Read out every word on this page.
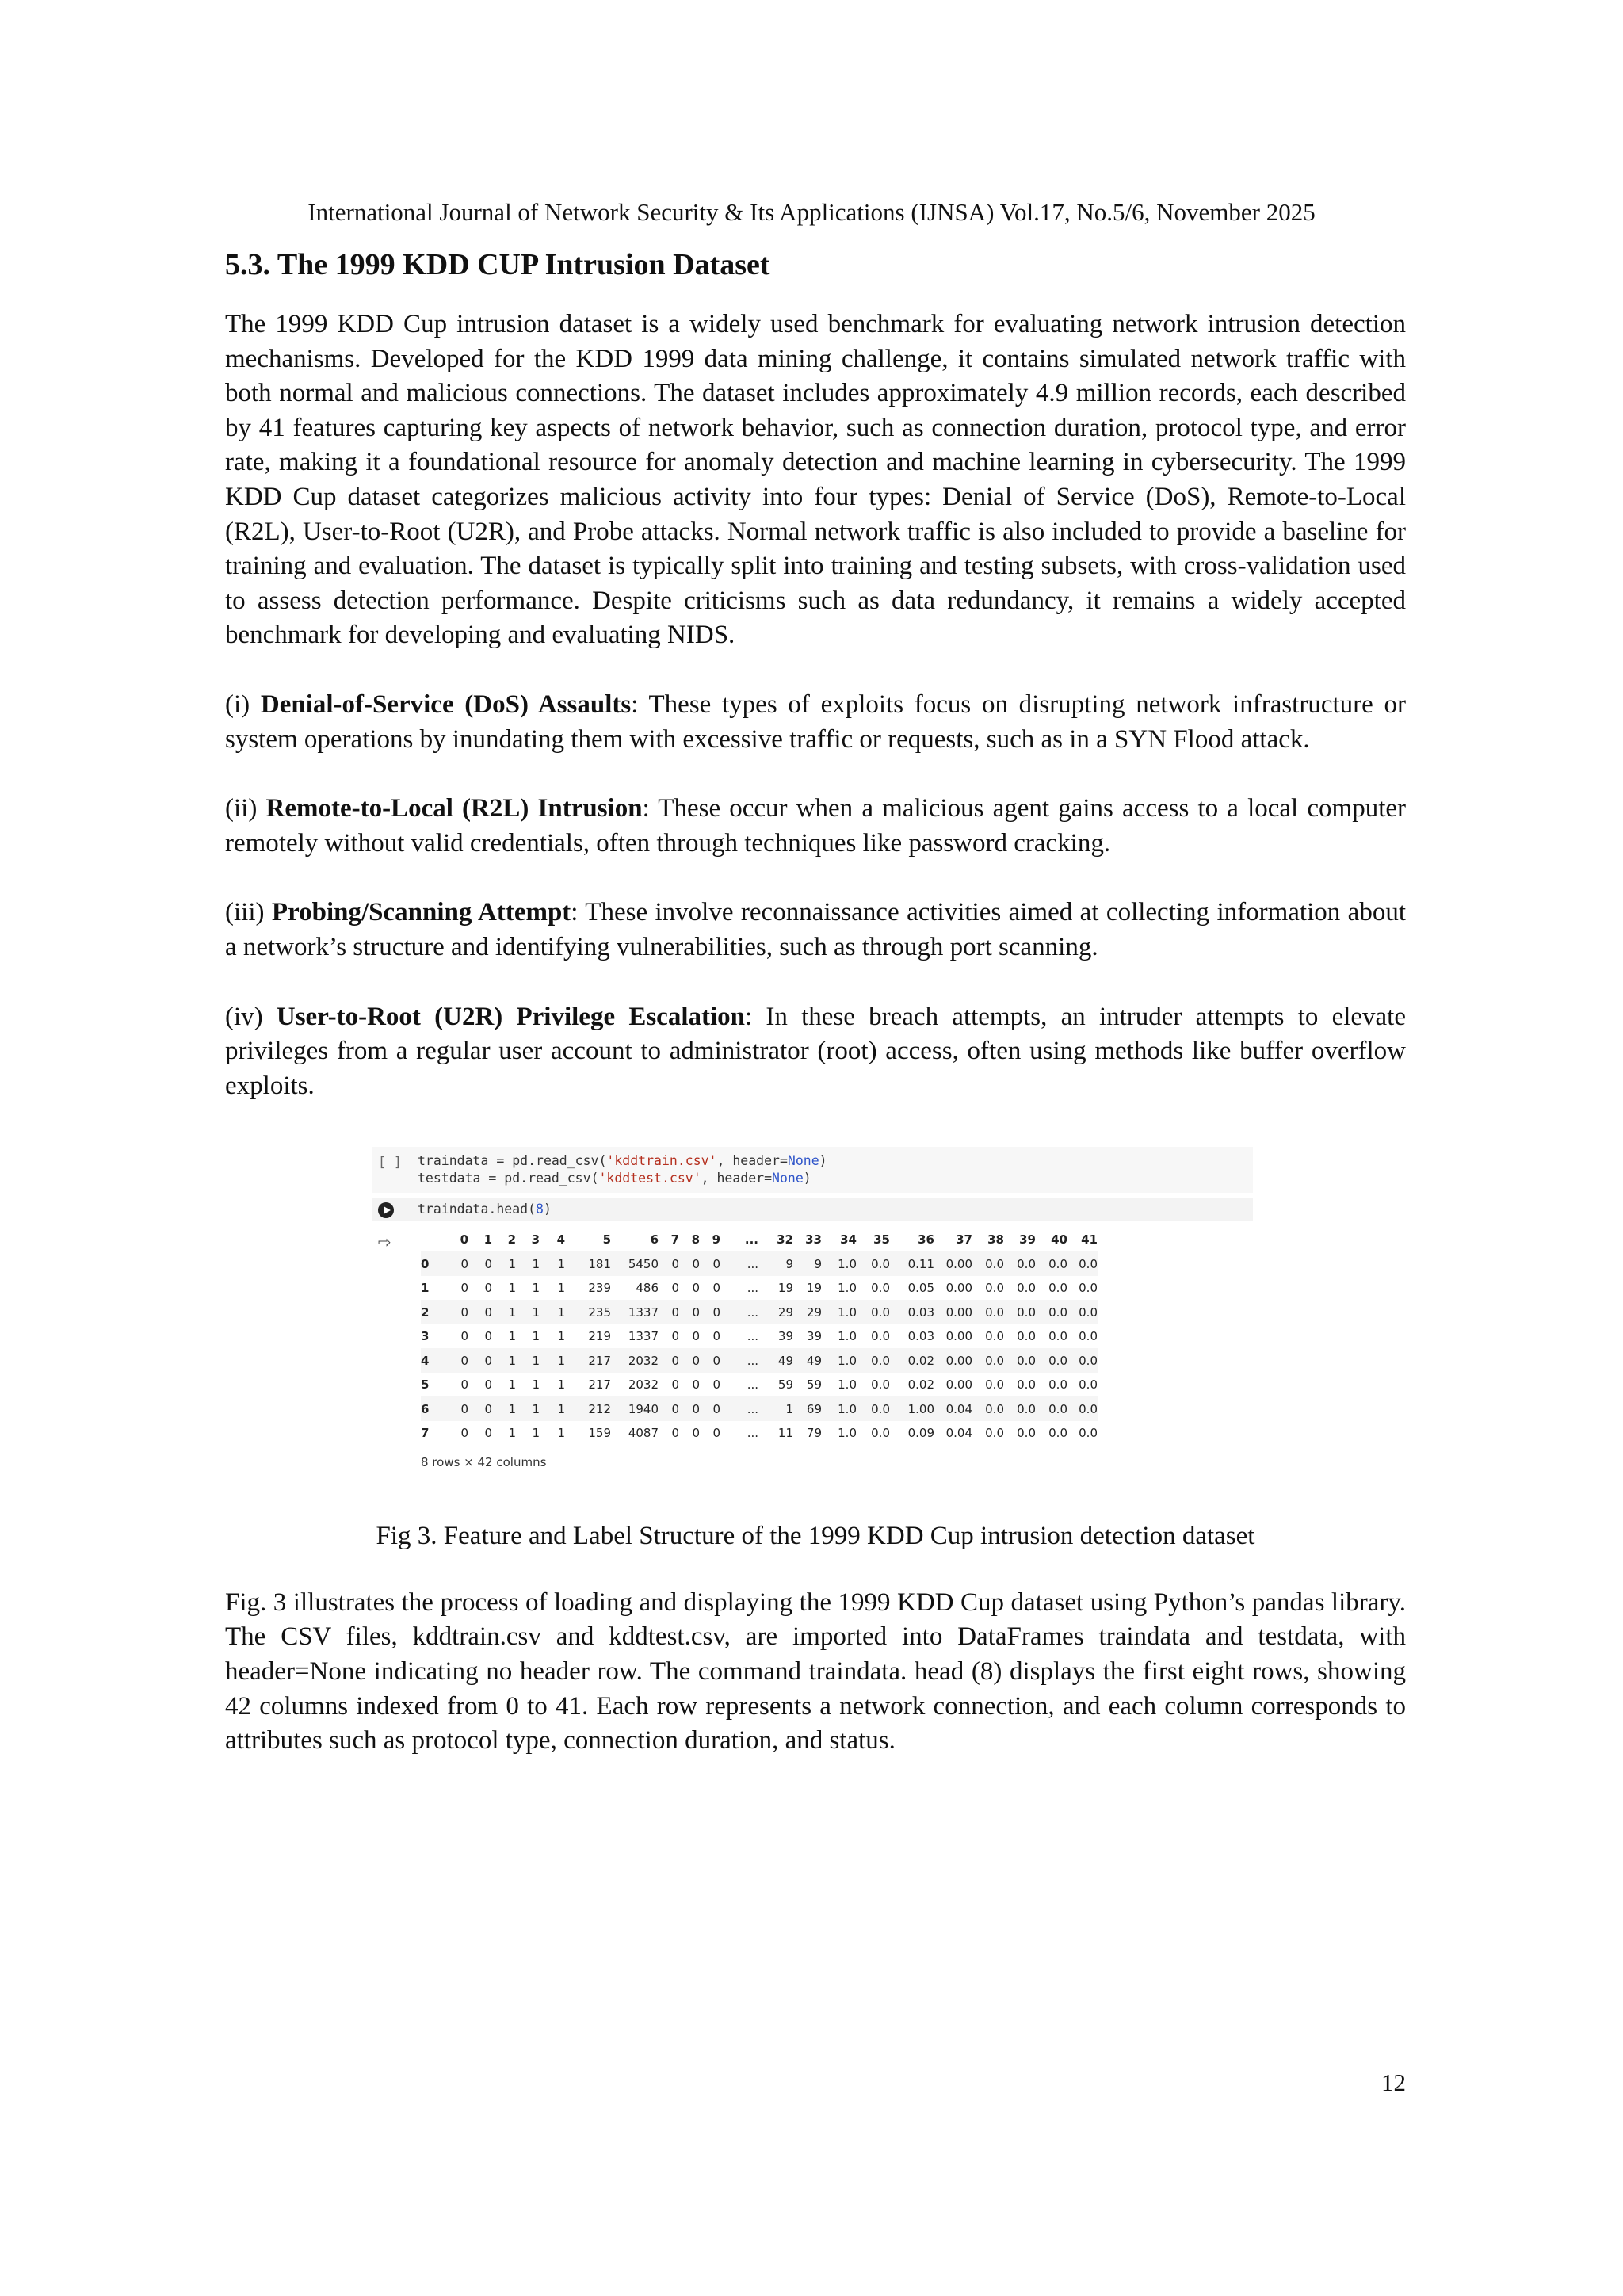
International Journal of Network Security & Its Applications (IJNSA) Vol.17, No.5/6, November 2025
5.3. The 1999 KDD CUP Intrusion Dataset

The 1999 KDD Cup intrusion dataset is a widely used benchmark for evaluating network intrusion detection mechanisms. Developed for the KDD 1999 data mining challenge, it contains simulated network traffic with both normal and malicious connections. The dataset includes approximately 4.9 million records, each described by 41 features capturing key aspects of network behavior, such as connection duration, protocol type, and error rate, making it a foundational resource for anomaly detection and machine learning in cybersecurity. The 1999 KDD Cup dataset categorizes malicious activity into four types: Denial of Service (DoS), Remote-to-Local (R2L), User-to-Root (U2R), and Probe attacks. Normal network traffic is also included to provide a baseline for training and evaluation. The dataset is typically split into training and testing subsets, with cross-validation used to assess detection performance. Despite criticisms such as data redundancy, it remains a widely accepted benchmark for developing and evaluating NIDS.

(i) Denial-of-Service (DoS) Assaults: These types of exploits focus on disrupting network infrastructure or system operations by inundating them with excessive traffic or requests, such as in a SYN Flood attack.

(ii) Remote-to-Local (R2L) Intrusion: These occur when a malicious agent gains access to a local computer remotely without valid credentials, often through techniques like password cracking.

(iii) Probing/Scanning Attempt: These involve reconnaissance activities aimed at collecting information about a network’s structure and identifying vulnerabilities, such as through port scanning.

(iv) User-to-Root (U2R) Privilege Escalation: In these breach attempts, an intruder attempts to elevate privileges from a regular user account to administrator (root) access, often using methods like buffer overflow exploits.

[ ] traindata = pd.read_csv('kddtrain.csv', header=None)
testdata = pd.read_csv('kddtest.csv', header=None)
⇨
traindata.head(8)
	0	1	2	3	4	5	6	7	8	9	...	32	33	34	35	36	37	38	39	40	41
0	0	0	1	1	1	181	5450	0	0	0	...	9	9	1.0	0.0	0.11	0.00	0.0	0.0	0.0	0.0
1	0	0	1	1	1	239	486	0	0	0	...	19	19	1.0	0.0	0.05	0.00	0.0	0.0	0.0	0.0
2	0	0	1	1	1	235	1337	0	0	0	...	29	29	1.0	0.0	0.03	0.00	0.0	0.0	0.0	0.0
3	0	0	1	1	1	219	1337	0	0	0	...	39	39	1.0	0.0	0.03	0.00	0.0	0.0	0.0	0.0
4	0	0	1	1	1	217	2032	0	0	0	...	49	49	1.0	0.0	0.02	0.00	0.0	0.0	0.0	0.0
5	0	0	1	1	1	217	2032	0	0	0	...	59	59	1.0	0.0	0.02	0.00	0.0	0.0	0.0	0.0
6	0	0	1	1	1	212	1940	0	0	0	...	1	69	1.0	0.0	1.00	0.04	0.0	0.0	0.0	0.0
7	0	0	1	1	1	159	4087	0	0	0	...	11	79	1.0	0.0	0.09	0.04	0.0	0.0	0.0	0.0
8 rows × 42 columns
Fig 3. Feature and Label Structure of the 1999 KDD Cup intrusion detection dataset

Fig. 3 illustrates the process of loading and displaying the 1999 KDD Cup dataset using Python’s pandas library. The CSV files, kddtrain.csv and kddtest.csv, are imported into DataFrames traindata and testdata, with header=None indicating no header row. The command traindata. head (8) displays the first eight rows, showing 42 columns indexed from 0 to 41. Each row represents a network connection, and each column corresponds to attributes such as protocol type, connection duration, and status.

12
